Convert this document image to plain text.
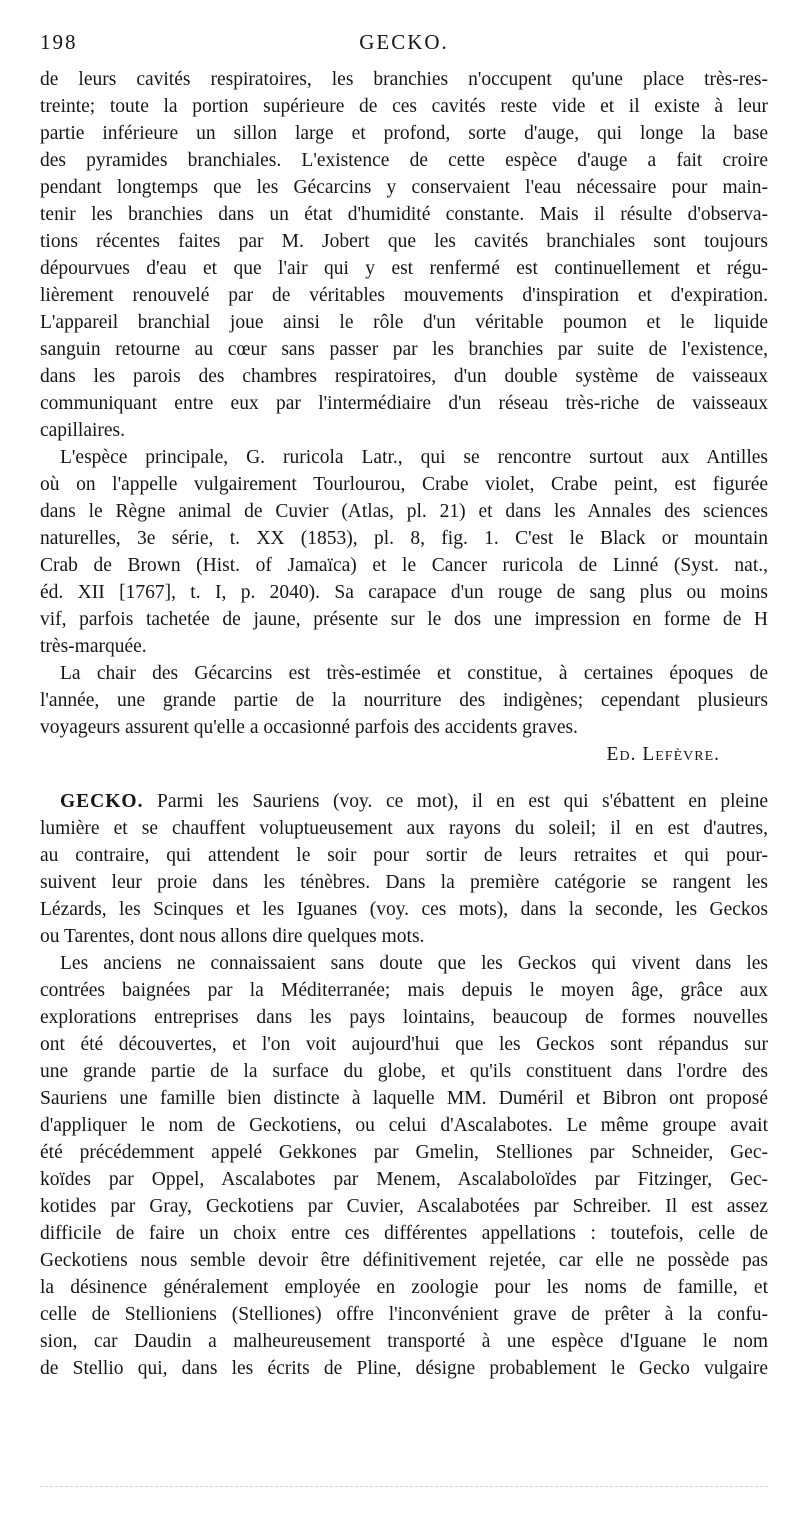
198	GECKO.
de leurs cavités respiratoires, les branchies n'occupent qu'une place très-res-
treinte; toute la portion supérieure de ces cavités reste vide et il existe à leur
partie inférieure un sillon large et profond, sorte d'auge, qui longe la base
des pyramides branchiales. L'existence de cette espèce d'auge a fait croire
pendant longtemps que les Gécarcins y conservaient l'eau nécessaire pour main-
tenir les branchies dans un état d'humidité constante. Mais il résulte d'observa-
tions récentes faites par M. Jobert que les cavités branchiales sont toujours
dépourvues d'eau et que l'air qui y est renfermé est continuellement et régu-
lièrement renouvelé par de véritables mouvements d'inspiration et d'expiration.
L'appareil branchial joue ainsi le rôle d'un véritable poumon et le liquide
sanguin retourne au cœur sans passer par les branchies par suite de l'existence,
dans les parois des chambres respiratoires, d'un double système de vaisseaux
communiquant entre eux par l'intermédiaire d'un réseau très-riche de vaisseaux
capillaires.
L'espèce principale, G. ruricola Latr., qui se rencontre surtout aux Antilles
où on l'appelle vulgairement Tourlourou, Crabe violet, Crabe peint, est figurée
dans le Règne animal de Cuvier (Atlas, pl. 21) et dans les Annales des sciences
naturelles, 3e série, t. XX (1853), pl. 8, fig. 1. C'est le Black or mountain
Crab de Brown (Hist. of Jamaïca) et le Cancer ruricola de Linné (Syst. nat.,
éd. XII [1767], t. I, p. 2040). Sa carapace d'un rouge de sang plus ou moins
vif, parfois tachetée de jaune, présente sur le dos une impression en forme de H
très-marquée.
La chair des Gécarcins est très-estimée et constitue, à certaines époques de
l'année, une grande partie de la nourriture des indigènes; cependant plusieurs
voyageurs assurent qu'elle a occasionné parfois des accidents graves.
Ed. Lefèvre.
GECKO. Parmi les Sauriens (voy. ce mot), il en est qui s'ébattent en pleine
lumière et se chauffent voluptueusement aux rayons du soleil; il en est d'autres,
au contraire, qui attendent le soir pour sortir de leurs retraites et qui pour-
suivent leur proie dans les ténèbres. Dans la première catégorie se rangent les
Lézards, les Scinques et les Iguanes (voy. ces mots), dans la seconde, les Geckos
ou Tarentes, dont nous allons dire quelques mots.
Les anciens ne connaissaient sans doute que les Geckos qui vivent dans les
contrées baignées par la Méditerranée; mais depuis le moyen âge, grâce aux
explorations entreprises dans les pays lointains, beaucoup de formes nouvelles
ont été découvertes, et l'on voit aujourd'hui que les Geckos sont répandus sur
une grande partie de la surface du globe, et qu'ils constituent dans l'ordre des
Sauriens une famille bien distincte à laquelle MM. Duméril et Bibron ont proposé
d'appliquer le nom de Geckotiens, ou celui d'Ascalabotes. Le même groupe avait
été précédemment appelé Gekkones par Gmelin, Stelliones par Schneider, Gec-
koïdes par Oppel, Ascalabotes par Menem, Ascalaboloïdes par Fitzinger, Gec-
kotides par Gray, Geckotiens par Cuvier, Ascalabotées par Schreiber. Il est assez
difficile de faire un choix entre ces différentes appellations : toutefois, celle de
Geckotiens nous semble devoir être définitivement rejetée, car elle ne possède pas
la désinence généralement employée en zoologie pour les noms de famille, et
celle de Stellioniens (Stelliones) offre l'inconvénient grave de prêter à la confu-
sion, car Daudin a malheureusement transporté à une espèce d'Iguane le nom
de Stellio qui, dans les écrits de Pline, désigne probablement le Gecko vulgaire
